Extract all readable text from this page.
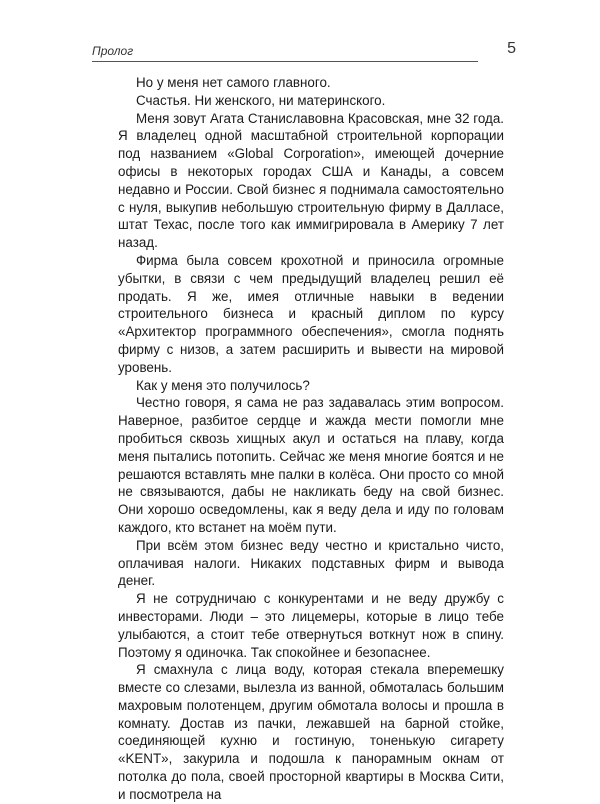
Пролог	5

Но у меня нет самого главного.

Счастья. Ни женского, ни материнского.

Меня зовут Агата Станиславовна Красовская, мне 32 года. Я владелец одной масштабной строительной корпорации под названием «Global Corporation», имеющей дочерние офисы в некоторых городах США и Канады, а совсем недавно и России. Свой бизнес я поднимала самостоятельно с нуля, выкупив небольшую строительную фирму в Далласе, штат Техас, после того как иммигрировала в Америку 7 лет назад.

Фирма была совсем крохотной и приносила огромные убытки, в связи с чем предыдущий владелец решил её продать. Я же, имея отличные навыки в ведении строительного бизнеса и красный диплом по курсу «Архитектор программного обеспечения», смогла поднять фирму с низов, а затем расширить и вывести на мировой уровень.

Как у меня это получилось?

Честно говоря, я сама не раз задавалась этим вопросом. Наверное, разбитое сердце и жажда мести помогли мне пробиться сквозь хищных акул и остаться на плаву, когда меня пытались потопить. Сейчас же меня многие боятся и не решаются вставлять мне палки в колёса. Они просто со мной не связываются, дабы не накликать беду на свой бизнес. Они хорошо осведомлены, как я веду дела и иду по головам каждого, кто встанет на моём пути.

При всём этом бизнес веду честно и кристально чисто, оплачивая налоги. Никаких подставных фирм и вывода денег.

Я не сотрудничаю с конкурентами и не веду дружбу с инвесторами. Люди – это лицемеры, которые в лицо тебе улыбаются, а стоит тебе отвернуться воткнут нож в спину. Поэтому я одиночка. Так спокойнее и безопаснее.

Я смахнула с лица воду, которая стекала вперемешку вместе со слезами, вылезла из ванной, обмоталась большим махровым полотенцем, другим обмотала волосы и прошла в комнату. Достав из пачки, лежавшей на барной стойке, соединяющей кухню и гостиную, тоненькую сигарету «KENT», закурила и подошла к панорамным окнам от потолка до пола, своей просторной квартиры в Москва Сити, и посмотрела на
